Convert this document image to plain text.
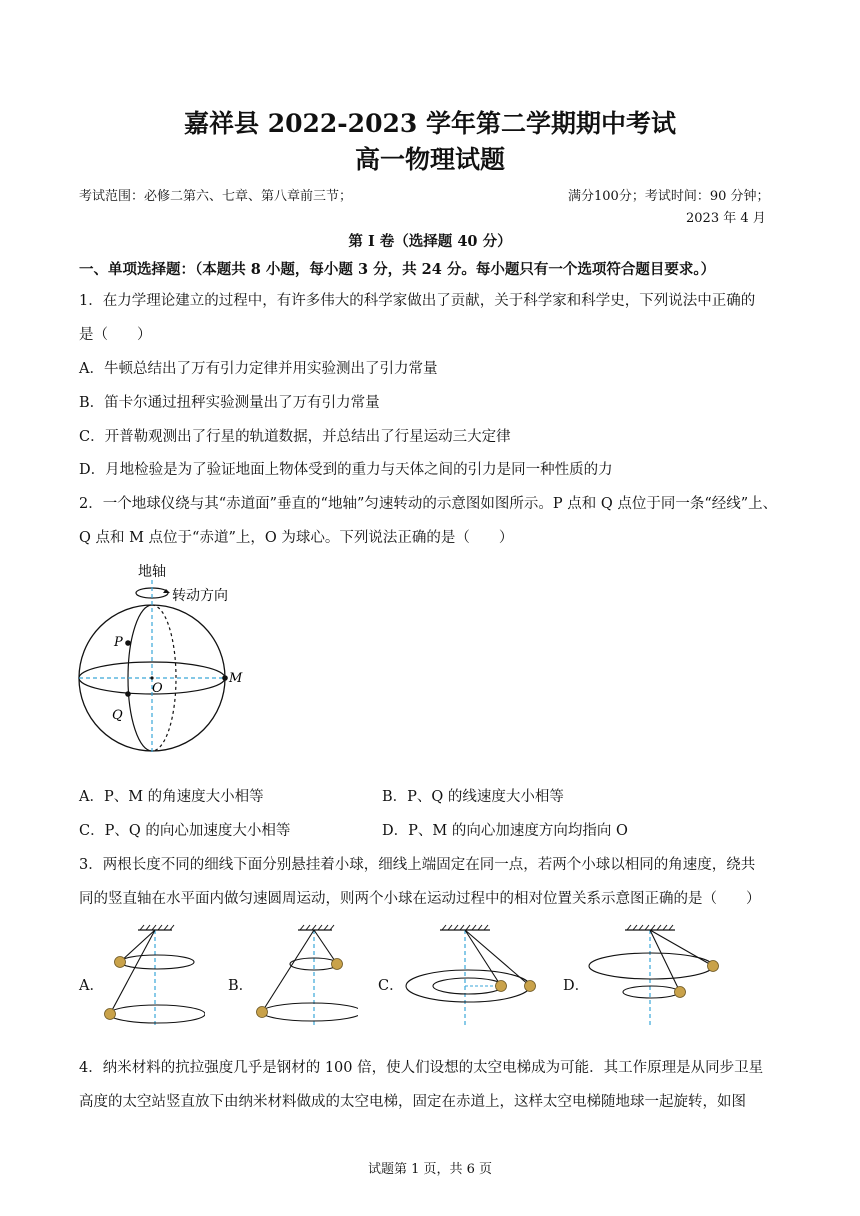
嘉祥县 2022-2023 学年第二学期期中考试
高一物理试题
考试范围：必修二第六、七章、第八章前三节；	满分100分；考试时间：90 分钟；
2023 年 4 月
第 I 卷（选择题 40 分）
一、单项选择题：（本题共 8 小题，每小题 3 分，共 24 分。每小题只有一个选项符合题目要求。）
1．在力学理论建立的过程中，有许多伟大的科学家做出了贡献，关于科学家和科学史，下列说法中正确的
是（　　）
A．牛顿总结出了万有引力定律并用实验测出了引力常量
B．笛卡尔通过扭秤实验测量出了万有引力常量
C．开普勒观测出了行星的轨道数据，并总结出了行星运动三大定律
D．月地检验是为了验证地面上物体受到的重力与天体之间的引力是同一种性质的力
2．一个地球仪绕与其“赤道面”垂直的“地轴”匀速转动的示意图如图所示。P 点和 Q 点位于同一条“经线”上、
Q 点和 M 点位于“赤道”上，O 为球心。下列说法正确的是（　　）
地轴
转动方向
P
Q
M
O
A．P、M 的角速度大小相等	B．P、Q 的线速度大小相等
C．P、Q 的向心加速度大小相等	D．P、M 的向心加速度方向均指向 O
3．两根长度不同的细线下面分别悬挂着小球，细线上端固定在同一点，若两个小球以相同的角速度，绕共
同的竖直轴在水平面内做匀速圆周运动，则两个小球在运动过程中的相对位置关系示意图正确的是（　　）
A．	B．	C．	D．
4．纳米材料的抗拉强度几乎是钢材的 100 倍，使人们设想的太空电梯成为可能．其工作原理是从同步卫星
高度的太空站竖直放下由纳米材料做成的太空电梯，固定在赤道上，这样太空电梯随地球一起旋转，如图
试题第 1 页，共 6 页
